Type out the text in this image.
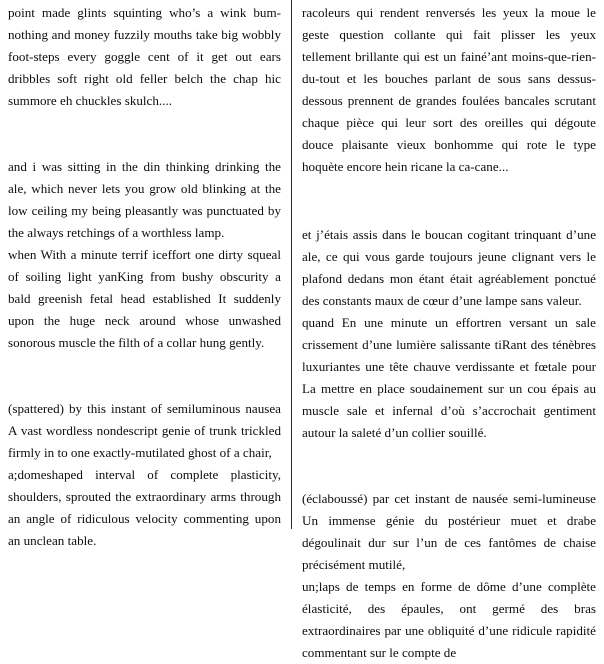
point made glints squinting who’s a wink bum-nothing and money fuzzily mouths take big wobbly foot-steps every goggle cent of it get out ears dribbles soft right old feller belch the chap hic summore eh chuckles skulch....

and i was sitting in the din thinking drinking the ale, which never lets you grow old blinking at the low ceiling my being pleasantly was punctuated by the always retchings of a worthless lamp.

when With a minute terrif iceffort one dirty squeal of soiling light yanKing from bushy obscurity a bald greenish fetal head established It suddenly upon the huge neck around whose unwashed sonorous muscle the filth of a collar hung gently.

(spattered) by this instant of semiluminous nausea A vast wordless nondescript genie of trunk trickled firmly in to one exactly-mutilated ghost of a chair,

a;domeshaped interval of complete plasticity, shoulders, sprouted the extraordinary arms through an angle of ridiculous velocity commenting upon an unclean table.

racoleurs qui rendent renversés les yeux la moue le geste question collante qui fait plisser les yeux tellement brillante qui est un fainé’ant moins-que-rien-du-tout et les bouches parlant de sous sans dessus-dessous prennent de grandes foulées bancales scrutant chaque pièce qui leur sort des oreilles qui dégoute douce plaisante vieux bonhomme qui rote le type hoquète encore hein ricane la ca-cane...

et j’étais assis dans le boucan cogitant trinquant d’une ale, ce qui vous garde toujours jeune clignant vers le plafond dedans mon étant était agréablement ponctué des constants maux de cœur d’une lampe sans valeur.

quand En une minute un effortren versant un sale crissement d’une lumière salissante tiRant des ténèbres luxuriantes une tête chauve verdissante et fœtale pour La mettre en place soudainement sur un cou épais au muscle sale et infernal d’où s’accrochait gentiment autour la saleté d’un collier souillé.

(éclaboussé) par cet instant de nausée semi-lumineuse Un immense génie du postérieur muet et drabe dégoulinait dur sur l’un de ces fantômes de chaise précisément mutilé,

un;laps de temps en forme de dôme d’une complète élasticité, des épaules, ont germé des bras extraordinaires par une obliquité d’une ridicule rapidité commentant sur le compte de
